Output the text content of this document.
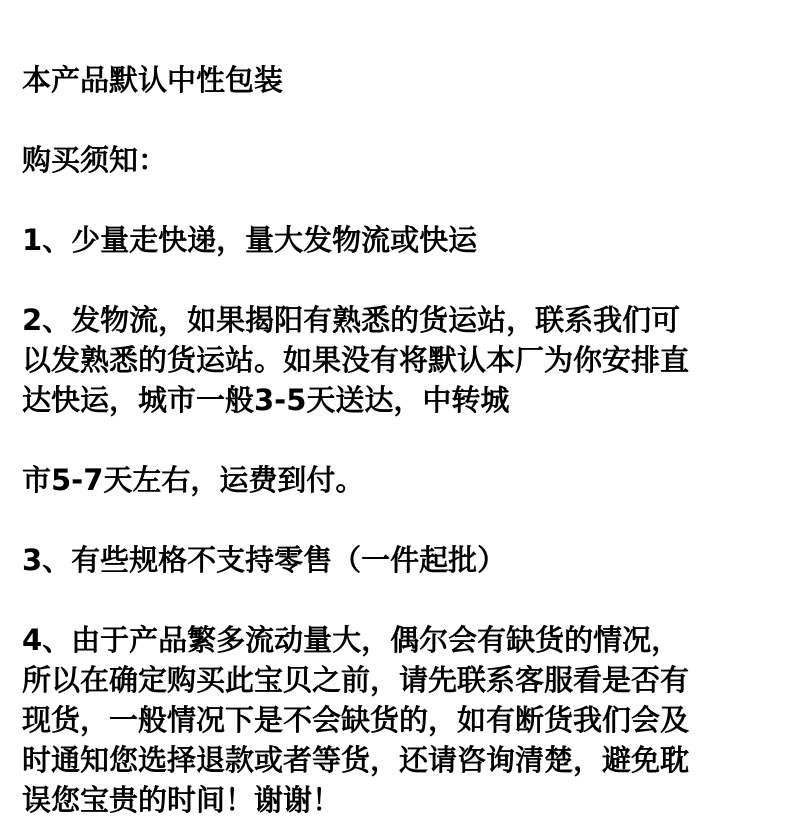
本产品默认中性包装

购买须知：

1、少量走快递，量大发物流或快运

2、发物流，如果揭阳有熟悉的货运站，联系我们可

以发熟悉的货运站。如果没有将默认本厂为你安排直

达快运，城市一般3-5天送达，中转城

市5-7天左右，运费到付。

3、有些规格不支持零售（一件起批）

4、由于产品繁多流动量大，偶尔会有缺货的情况，

所以在确定购买此宝贝之前，请先联系客服看是否有

现货，一般情况下是不会缺货的，如有断货我们会及

时通知您选择退款或者等货，还请咨询清楚，避免耽

误您宝贵的时间！谢谢！
